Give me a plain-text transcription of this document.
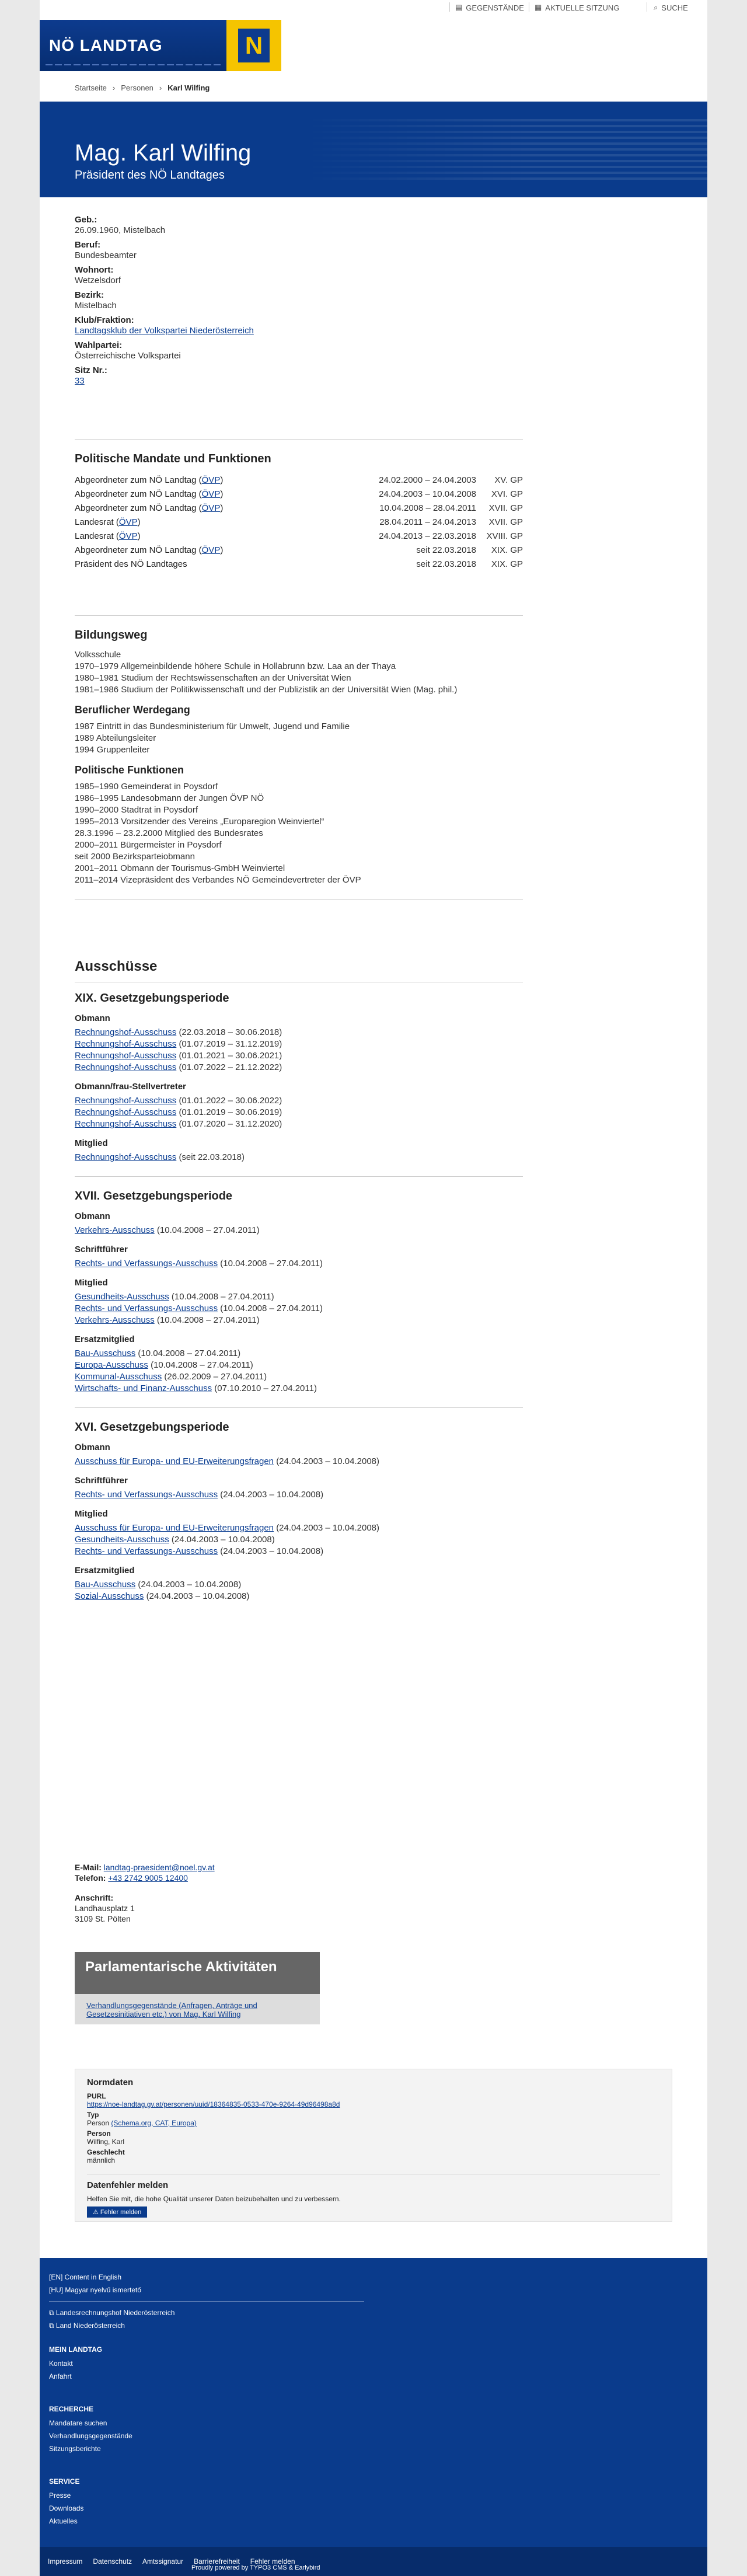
▤ GEGENSTÄNDE ▦ AKTUELLE SITZUNG	⌕ SUCHE
NÖ LANDTAG	N
Startseite › Personen › Karl Wilfing
Mag. Karl Wilfing
Präsident des NÖ Landtages
Geb.:
26.09.1960, Mistelbach
Beruf:
Bundesbeamter
Wohnort:
Wetzelsdorf
Bezirk:
Mistelbach
Klub/Fraktion:
Landtagsklub der Volkspartei Niederösterreich
Wahlpartei:
Österreichische Volkspartei
Sitz Nr.:
33
Politische Mandate und Funktionen
Abgeordneter zum NÖ Landtag (ÖVP)	24.02.2000 – 24.04.2003	XV. GP
Abgeordneter zum NÖ Landtag (ÖVP)	24.04.2003 – 10.04.2008	XVI. GP
Abgeordneter zum NÖ Landtag (ÖVP)	10.04.2008 – 28.04.2011	XVII. GP
Landesrat (ÖVP)	28.04.2011 – 24.04.2013	XVII. GP
Landesrat (ÖVP)	24.04.2013 – 22.03.2018	XVIII. GP
Abgeordneter zum NÖ Landtag (ÖVP)	seit 22.03.2018	XIX. GP
Präsident des NÖ Landtages	seit 22.03.2018	XIX. GP
Bildungsweg
Volksschule
1970–1979 Allgemeinbildende höhere Schule in Hollabrunn bzw. Laa an der Thaya
1980–1981 Studium der Rechtswissenschaften an der Universität Wien
1981–1986 Studium der Politikwissenschaft und der Publizistik an der Universität Wien (Mag. phil.)
Beruflicher Werdegang
1987 Eintritt in das Bundesministerium für Umwelt, Jugend und Familie
1989 Abteilungsleiter
1994 Gruppenleiter
Politische Funktionen
1985–1990 Gemeinderat in Poysdorf
1986–1995 Landesobmann der Jungen ÖVP NÖ
1990–2000 Stadtrat in Poysdorf
1995–2013 Vorsitzender des Vereins „Europaregion Weinviertel“
28.3.1996 – 23.2.2000 Mitglied des Bundesrates
2000–2011 Bürgermeister in Poysdorf
seit 2000 Bezirksparteiobmann
2001–2011 Obmann der Tourismus-GmbH Weinviertel
2011–2014 Vizepräsident des Verbandes NÖ Gemeindevertreter der ÖVP
Ausschüsse
XIX. Gesetzgebungsperiode
Obmann
Rechnungshof-Ausschuss (22.03.2018 – 30.06.2018)
Rechnungshof-Ausschuss (01.07.2019 – 31.12.2019)
Rechnungshof-Ausschuss (01.01.2021 – 30.06.2021)
Rechnungshof-Ausschuss (01.07.2022 – 21.12.2022)
Obmann/frau-Stellvertreter
Rechnungshof-Ausschuss (01.01.2022 – 30.06.2022)
Rechnungshof-Ausschuss (01.01.2019 – 30.06.2019)
Rechnungshof-Ausschuss (01.07.2020 – 31.12.2020)
Mitglied
Rechnungshof-Ausschuss (seit 22.03.2018)
XVII. Gesetzgebungsperiode
Obmann
Verkehrs-Ausschuss (10.04.2008 – 27.04.2011)
Schriftführer
Rechts- und Verfassungs-Ausschuss (10.04.2008 – 27.04.2011)
Mitglied
Gesundheits-Ausschuss (10.04.2008 – 27.04.2011)
Rechts- und Verfassungs-Ausschuss (10.04.2008 – 27.04.2011)
Verkehrs-Ausschuss (10.04.2008 – 27.04.2011)
Ersatzmitglied
Bau-Ausschuss (10.04.2008 – 27.04.2011)
Europa-Ausschuss (10.04.2008 – 27.04.2011)
Kommunal-Ausschuss (26.02.2009 – 27.04.2011)
Wirtschafts- und Finanz-Ausschuss (07.10.2010 – 27.04.2011)
XVI. Gesetzgebungsperiode
Obmann
Ausschuss für Europa- und EU-Erweiterungsfragen (24.04.2003 – 10.04.2008)
Schriftführer
Rechts- und Verfassungs-Ausschuss (24.04.2003 – 10.04.2008)
Mitglied
Ausschuss für Europa- und EU-Erweiterungsfragen (24.04.2003 – 10.04.2008)
Gesundheits-Ausschuss (24.04.2003 – 10.04.2008)
Rechts- und Verfassungs-Ausschuss (24.04.2003 – 10.04.2008)
Ersatzmitglied
Bau-Ausschuss (24.04.2003 – 10.04.2008)
Sozial-Ausschuss (24.04.2003 – 10.04.2008)
E-Mail: landtag-praesident@noel.gv.at
Telefon: +43 2742 9005 12400
Anschrift:
Landhausplatz 1
3109 St. Pölten
Parlamentarische Aktivitäten
Verhandlungsgegenstände (Anfragen, Anträge und Gesetzesinitiativen etc.) von Mag. Karl Wilfing
Normdaten
PURL
https://noe-landtag.gv.at/personen/uuid/18364835-0533-470e-9264-49d96498a8d
Typ
Person (Schema.org, CAT, Europa)
Person
Wilfing, Karl
Geschlecht
männlich
Datenfehler melden
Helfen Sie mit, die hohe Qualität unserer Daten beizubehalten und zu verbessern.
⚠ Fehler melden
[EN] Content in English
[HU] Magyar nyelvű ismertető
⧉ Landesrechnungshof Niederösterreich
⧉ Land Niederösterreich
MEIN LANDTAG
Kontakt
Anfahrt
RECHERCHE
Mandatare suchen
Verhandlungsgegenstände
Sitzungsberichte
SERVICE
Presse
Downloads
Aktuelles
Impressum Datenschutz Amtssignatur Barrierefreiheit Fehler melden
Proudly powered by TYPO3 CMS & Earlybird
